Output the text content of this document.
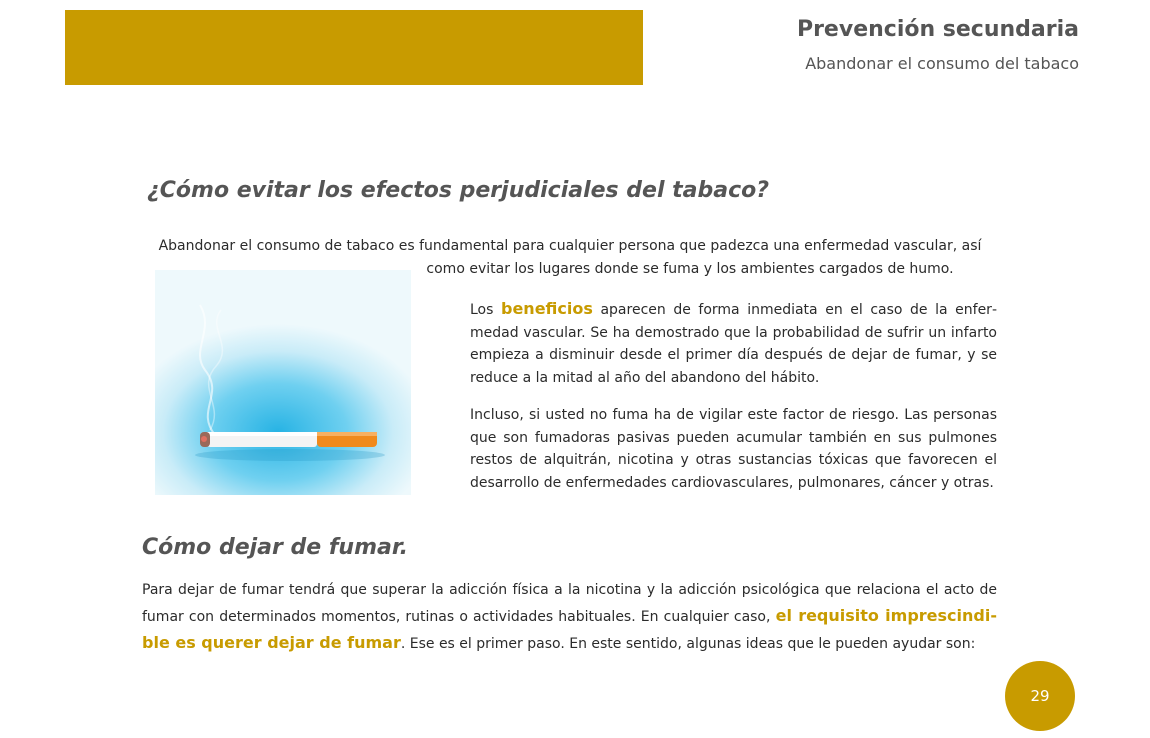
Prevención secundaria
Abandonar el consumo del tabaco
¿Cómo evitar los efectos perjudiciales del tabaco?
Abandonar el consumo de tabaco es fundamental para cualquier persona que padezca una enfermedad vascular, así
como evitar los lugares donde se fuma y los ambientes cargados de humo.
Los beneficios aparecen de forma inmediata en el caso de la enfermedad vascular. Se ha demostrado que la probabilidad de sufrir un infarto empieza a disminuir desde el primer día después de dejar de fumar, y se reduce a la mitad al año del abandono del hábito.
Incluso, si usted no fuma ha de vigilar este factor de riesgo. Las personas que son fumadoras pasivas pueden acumular también en sus pulmones restos de alquitrán, nicotina y otras sustancias tóxicas que favorecen el desarrollo de enfermedades cardiovasculares, pulmonares, cáncer y otras.
Cómo dejar de fumar.
Para dejar de fumar tendrá que superar la adicción física a la nicotina y la adicción psicológica que relaciona el acto de fumar con determinados momentos, rutinas o actividades habituales. En cualquier caso, el requisito imprescindible es querer dejar de fumar. Ese es el primer paso. En este sentido, algunas ideas que le pueden ayudar son:
29
